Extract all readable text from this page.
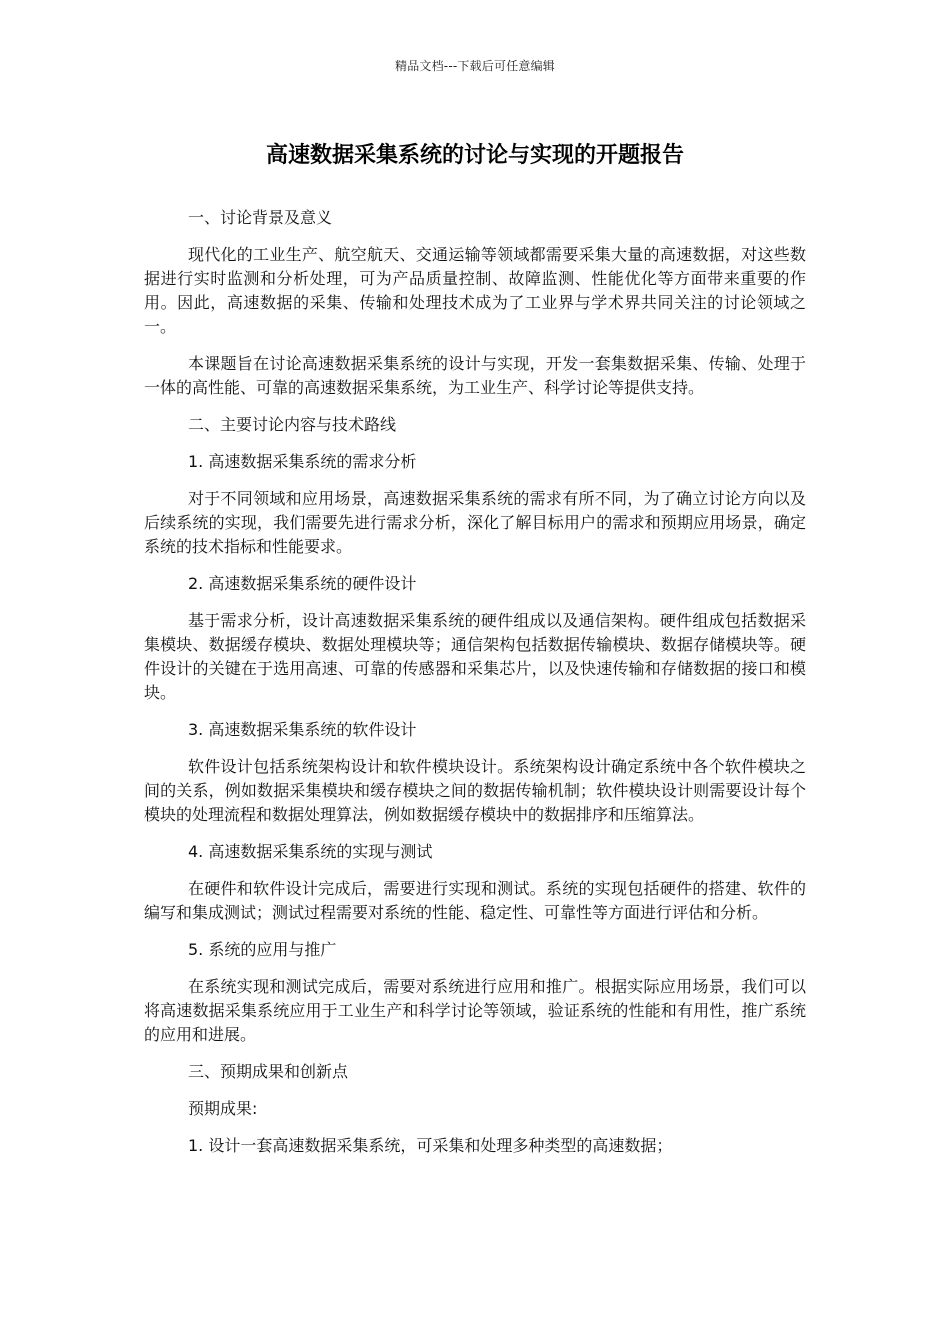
精品文档---下载后可任意编辑
高速数据采集系统的讨论与实现的开题报告

一、讨论背景及意义

现代化的工业生产、航空航天、交通运输等领域都需要采集大量的高速数据，对这些数据进行实时监测和分析处理，可为产品质量控制、故障监测、性能优化等方面带来重要的作用。因此，高速数据的采集、传输和处理技术成为了工业界与学术界共同关注的讨论领域之一。

本课题旨在讨论高速数据采集系统的设计与实现，开发一套集数据采集、传输、处理于一体的高性能、可靠的高速数据采集系统，为工业生产、科学讨论等提供支持。

二、主要讨论内容与技术路线

1. 高速数据采集系统的需求分析

对于不同领域和应用场景，高速数据采集系统的需求有所不同，为了确立讨论方向以及后续系统的实现，我们需要先进行需求分析，深化了解目标用户的需求和预期应用场景，确定系统的技术指标和性能要求。

2. 高速数据采集系统的硬件设计

基于需求分析，设计高速数据采集系统的硬件组成以及通信架构。硬件组成包括数据采集模块、数据缓存模块、数据处理模块等；通信架构包括数据传输模块、数据存储模块等。硬件设计的关键在于选用高速、可靠的传感器和采集芯片，以及快速传输和存储数据的接口和模块。

3. 高速数据采集系统的软件设计

软件设计包括系统架构设计和软件模块设计。系统架构设计确定系统中各个软件模块之间的关系，例如数据采集模块和缓存模块之间的数据传输机制；软件模块设计则需要设计每个模块的处理流程和数据处理算法，例如数据缓存模块中的数据排序和压缩算法。

4. 高速数据采集系统的实现与测试

在硬件和软件设计完成后，需要进行实现和测试。系统的实现包括硬件的搭建、软件的编写和集成测试；测试过程需要对系统的性能、稳定性、可靠性等方面进行评估和分析。

5. 系统的应用与推广

在系统实现和测试完成后，需要对系统进行应用和推广。根据实际应用场景，我们可以将高速数据采集系统应用于工业生产和科学讨论等领域，验证系统的性能和有用性，推广系统的应用和进展。

三、预期成果和创新点

预期成果:

1. 设计一套高速数据采集系统，可采集和处理多种类型的高速数据；
